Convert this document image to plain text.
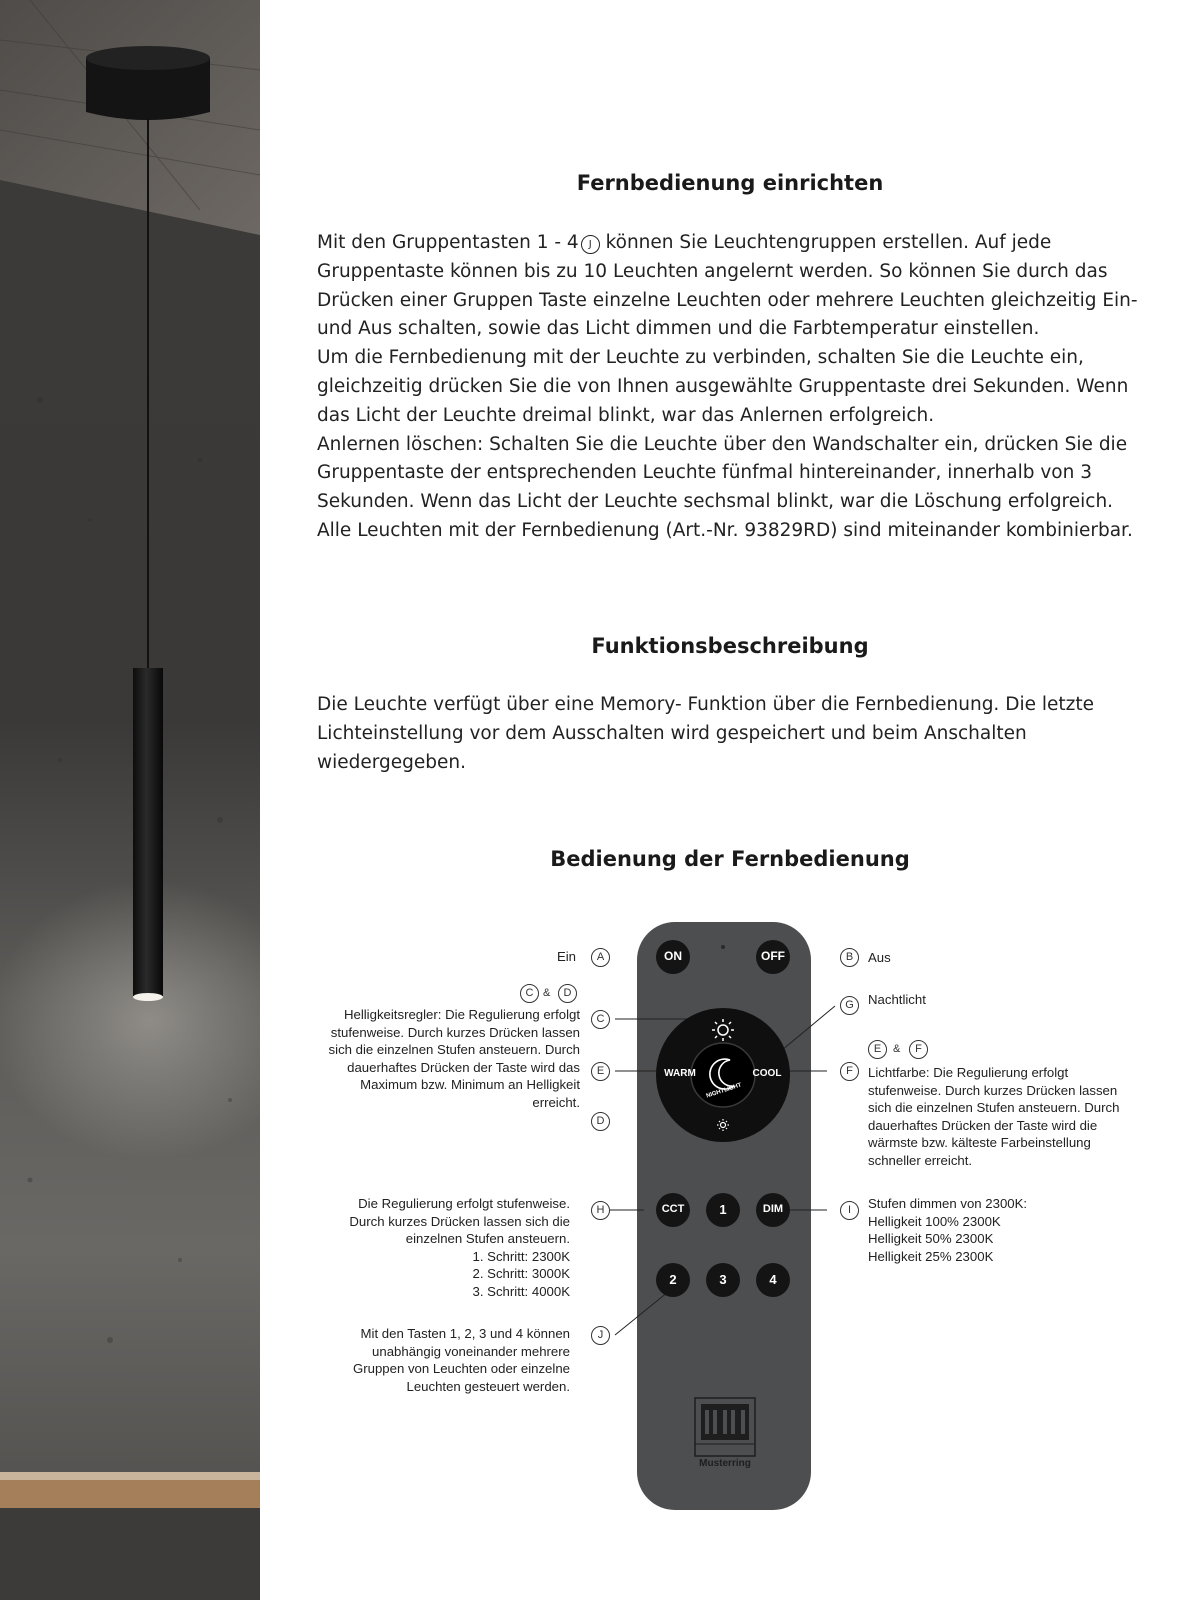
Fernbedienung einrichten

Mit den Gruppentasten 1 - 4 J können Sie Leuchtengruppen erstellen. Auf jede Gruppentaste können bis zu 10 Leuchten angelernt werden. So können Sie durch das Drücken einer Gruppen Taste einzelne Leuchten oder mehrere Leuchten gleichzeitig Ein- und Aus schalten, sowie das Licht dimmen und die Farbtemperatur einstellen.

Um die Fernbedienung mit der Leuchte zu verbinden, schalten Sie die Leuchte ein, gleichzeitig drücken Sie die von Ihnen ausgewählte Gruppentaste drei Sekunden. Wenn das Licht der Leuchte dreimal blinkt, war das Anlernen erfolgreich.

Anlernen löschen: Schalten Sie die Leuchte über den Wandschalter ein, drücken Sie die Gruppentaste der entsprechenden Leuchte fünfmal hintereinander, innerhalb von 3 Sekunden. Wenn das Licht der Leuchte sechsmal blinkt, war die Löschung erfolgreich.

Alle Leuchten mit der Fernbedienung (Art.-Nr. 93829RD) sind miteinander kombinierbar.

Funktionsbeschreibung
Die Leuchte verfügt über eine Memory- Funktion über die Fernbedienung. Die letzte Lichteinstellung vor dem Ausschalten wird gespeichert und beim Anschalten wiedergegeben.
Bedienung der Fernbedienung
ON	OFF
WARM	COOL
NIGHTLIGHT
CCT	1	DIM
2	3	4
Musterring
Ein	A	B	Aus
G	Nachtlicht
C &	D
Helligkeitsregler: Die Regulierung erfolgt
stufenweise. Durch kurzes Drücken lassen
sich die einzelnen Stufen ansteuern. Durch
dauerhaftes Drücken der Taste wird das
Maximum bzw. Minimum an Helligkeit
erreicht.
C
E
D
F
E	&	F
Lichtfarbe: Die Regulierung erfolgt
stufenweise. Durch kurzes Drücken lassen
sich die einzelnen Stufen ansteuern. Durch
dauerhaftes Drücken der Taste wird die
wärmste bzw. kälteste Farbeinstellung
schneller erreicht.
Die Regulierung erfolgt stufenweise.
Durch kurzes Drücken lassen sich die
einzelnen Stufen ansteuern.
1. Schritt: 2300K
2. Schritt: 3000K
3. Schritt: 4000K
H	I	Stufen dimmen von 2300K:
Helligkeit 100% 2300K
Helligkeit 50% 2300K
Helligkeit 25% 2300K
Mit den Tasten 1, 2, 3 und 4 können
unabhängig voneinander mehrere
Gruppen von Leuchten oder einzelne
Leuchten gesteuert werden.
J
